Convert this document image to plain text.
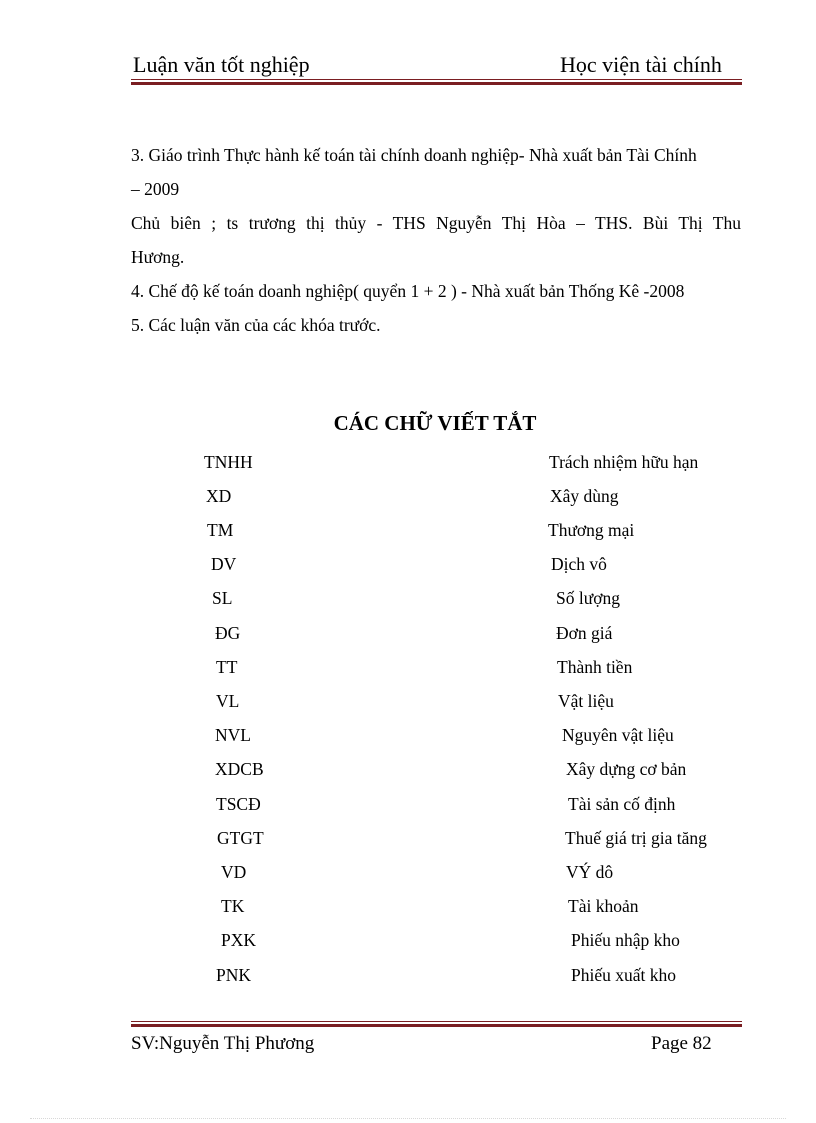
Luận văn tốt nghiệp	Học viện tài chính
3. Giáo trình Thực hành kế toán tài chính doanh nghiệp- Nhà xuất bản Tài Chính
– 2009
Chủ biên ; ts trương thị thủy - THS Nguyễn Thị Hòa – THS. Bùi Thị Thu
Hương.
4. Chế độ kế toán doanh nghiệp( quyển 1 + 2 ) - Nhà xuất bản Thống Kê -2008
5. Các luận văn của các khóa trước.
CÁC CHỮ VIẾT TẮT
TNHH	Trách nhiệm hữu hạn
XD	Xây dùng
TM	Thương mại
DV	Dịch vô
SL	Số lượng
ĐG	Đơn giá
TT	Thành tiền
VL	Vật liệu
NVL	Nguyên vật liệu
XDCB	Xây dựng cơ bản
TSCĐ	Tài sản cố định
GTGT	Thuế giá trị gia tăng
VD	VÝ dô
TK	Tài khoản
PXK	Phiếu nhập kho
PNK	Phiếu xuất kho
SV:Nguyễn Thị Phương	Page 82
